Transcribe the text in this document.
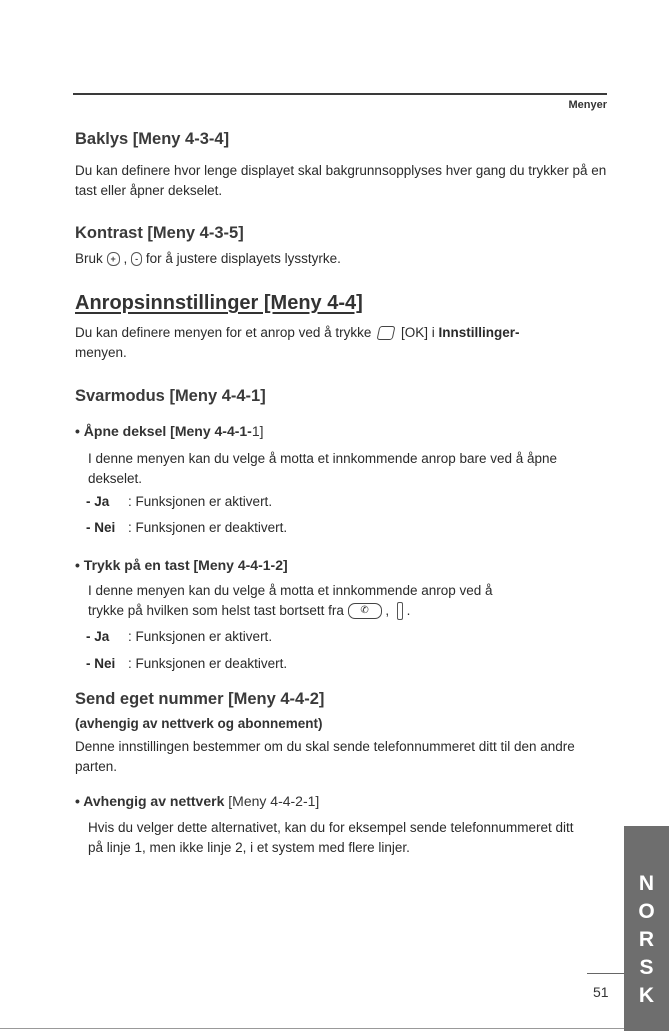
Menyer
Baklys [Meny 4-3-4]
Du kan definere hvor lenge displayet skal bakgrunnsopplyses hver gang du trykker på en tast eller åpner dekselet.
Kontrast [Meny 4-3-5]
Bruk + , - for å justere displayets lysstyrke.
Anropsinnstillinger [Meny 4-4]
Du kan definere menyen for et anrop ved å trykke [OK] i Innstillinger-
menyen.
Svarmodus [Meny 4-4-1]
• Åpne deksel [Meny 4-4-1-1]
I denne menyen kan du velge å motta et innkommende anrop bare ved å åpne dekselet.
- Ja : Funksjonen er aktivert.
- Nei : Funksjonen er deaktivert.
• Trykk på en tast [Meny 4-4-1-2]
I denne menyen kan du velge å motta et innkommende anrop ved å
trykke på hvilken som helst tast bortsett fra ✆ ,  .
- Ja : Funksjonen er aktivert.
- Nei : Funksjonen er deaktivert.
Send eget nummer [Meny 4-4-2]
(avhengig av nettverk og abonnement)
Denne innstillingen bestemmer om du skal sende telefonnummeret ditt til den andre parten.
• Avhengig av nettverk [Meny 4-4-2-1]
Hvis du velger dette alternativet, kan du for eksempel sende telefonnummeret ditt på linje 1, men ikke linje 2, i et system med flere linjer.
N
O
R
S
K
51
